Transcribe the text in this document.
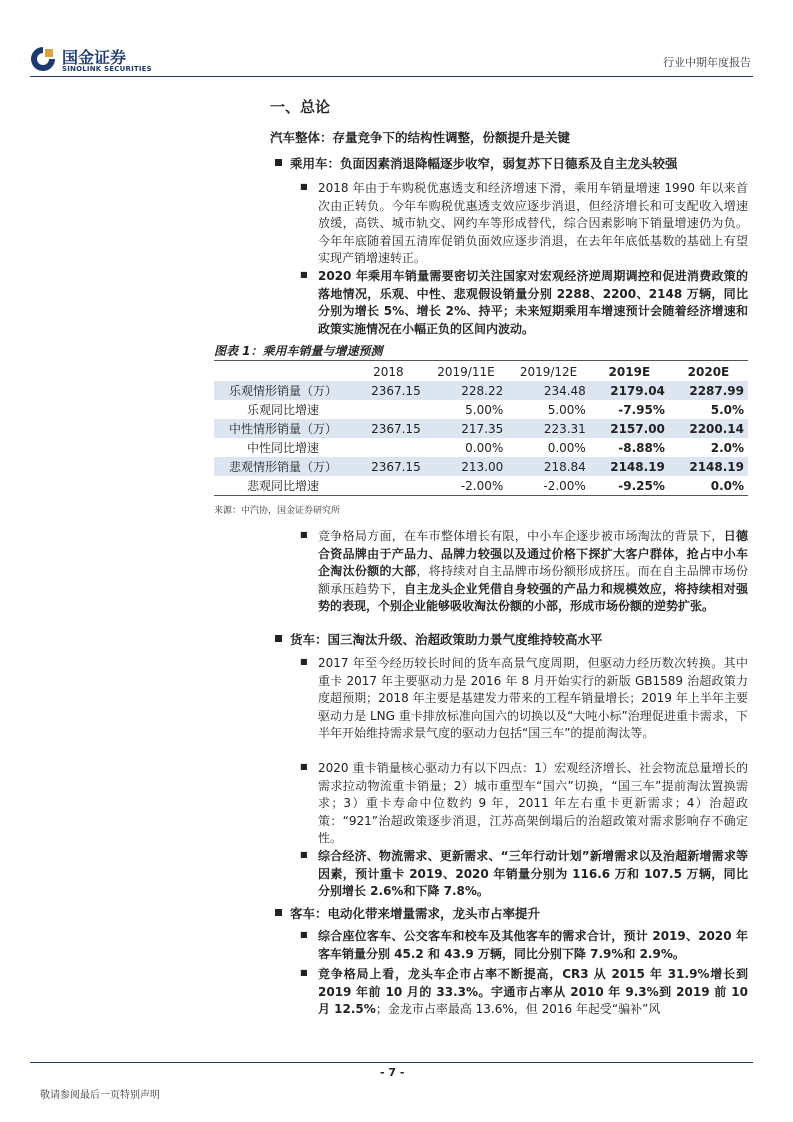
国金证券
SINOLINK SECURITIES	行业中期年度报告
一、总论
汽车整体：存量竞争下的结构性调整，份额提升是关键
乘用车：负面因素消退降幅逐步收窄，弱复苏下日德系及自主龙头较强
■ 2018 年由于车购税优惠透支和经济增速下滑，乘用车销量增速 1990 年以来首次由正转负。今年车购税优惠透支效应逐步消退，但经济增长和可支配收入增速放缓，高铁、城市轨交、网约车等形成替代，综合因素影响下销量增速仍为负。今年年底随着国五清库促销负面效应逐步消退，在去年年底低基数的基础上有望实现产销增速转正。
■ 2020 年乘用车销量需要密切关注国家对宏观经济逆周期调控和促进消费政策的落地情况，乐观、中性、悲观假设销量分别 2288、2200、2148 万辆，同比分别为增长 5%、增长 2%、持平；未来短期乘用车增速预计会随着经济增速和政策实施情况在小幅正负的区间内波动。
图表 1：乘用车销量与增速预测
	2018	2019/11E	2019/12E	2019E	2020E
乐观情形销量（万）	2367.15	228.22	234.48	2179.04	2287.99
乐观同比增速		5.00%	5.00%	-7.95%	5.0%
中性情形销量（万）	2367.15	217.35	223.31	2157.00	2200.14
中性同比增速		0.00%	0.00%	-8.88%	2.0%
悲观情形销量（万）	2367.15	213.00	218.84	2148.19	2148.19
悲观同比增速		-2.00%	-2.00%	-9.25%	0.0%
来源：中汽协，国金证券研究所
■ 竞争格局方面，在车市整体增长有限，中小车企逐步被市场淘汰的背景下，日德合资品牌由于产品力、品牌力较强以及通过价格下探扩大客户群体，抢占中小车企淘汰份额的大部，将持续对自主品牌市场份额形成挤压。而在自主品牌市场份额承压趋势下，自主龙头企业凭借自身较强的产品力和规模效应，将持续相对强势的表现，个别企业能够吸收淘汰份额的小部，形成市场份额的逆势扩张。
货车：国三淘汰升级、治超政策助力景气度维持较高水平
■ 2017 年至今经历较长时间的货车高景气度周期，但驱动力经历数次转换。其中重卡 2017 年主要驱动力是 2016 年 8 月开始实行的新版 GB1589 治超政策力度超预期；2018 年主要是基建发力带来的工程车销量增长；2019 年上半年主要驱动力是 LNG 重卡排放标准向国六的切换以及“大吨小标”治理促进重卡需求，下半年开始维持需求景气度的驱动力包括“国三车”的提前淘汰等。
■ 2020 重卡销量核心驱动力有以下四点：1）宏观经济增长、社会物流总量增长的需求拉动物流重卡销量；2）城市重型车“国六”切换，“国三车”提前淘汰置换需求；3）重卡寿命中位数约 9 年，2011 年左右重卡更新需求；4）治超政策：“921”治超政策逐步消退，江苏高架倒塌后的治超政策对需求影响存不确定性。
■ 综合经济、物流需求、更新需求、“三年行动计划”新增需求以及治超新增需求等因素，预计重卡 2019、2020 年销量分别为 116.6 万和 107.5 万辆，同比分别增长 2.6%和下降 7.8%。
客车：电动化带来增量需求，龙头市占率提升
■ 综合座位客车、公交客车和校车及其他客车的需求合计，预计 2019、2020 年客车销量分别 45.2 和 43.9 万辆，同比分别下降 7.9%和 2.9%。
■ 竞争格局上看，龙头车企市占率不断提高，CR3 从 2015 年 31.9%增长到 2019 年前 10 月的 33.3%。宇通市占率从 2010 年 9.3%到 2019 前 10 月 12.5%；金龙市占率最高 13.6%，但 2016 年起受“骗补”风
- 7 -
敬请参阅最后一页特别声明
